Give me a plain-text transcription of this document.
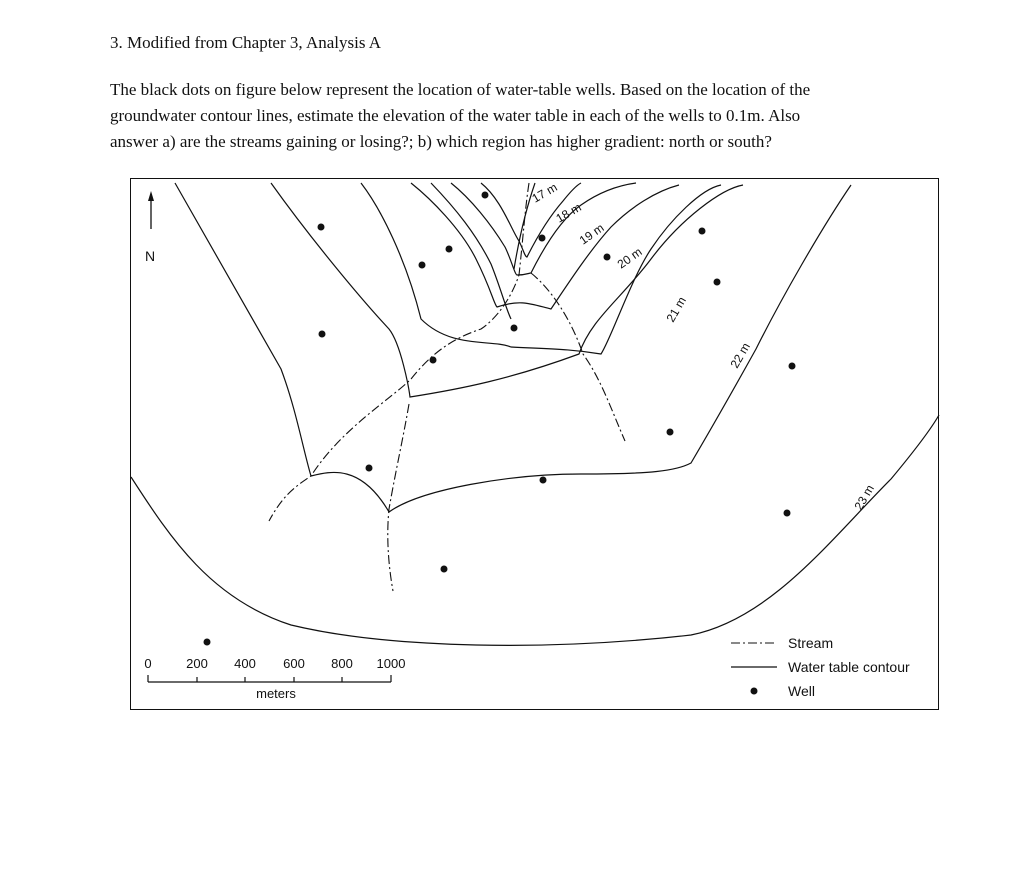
3. Modified from Chapter 3, Analysis A

The black dots on figure below represent the location of water-table wells. Based on the location of the
groundwater contour lines, estimate the elevation of the water table in each of the wells to 0.1m. Also
answer a) are the streams gaining or losing?; b) which region has higher gradient: north or south?

N
17 m
18 m
19 m
20 m
21 m
22 m
23 m
0	200 400 600 800 1000
meters
Stream
Water table contour
Well
